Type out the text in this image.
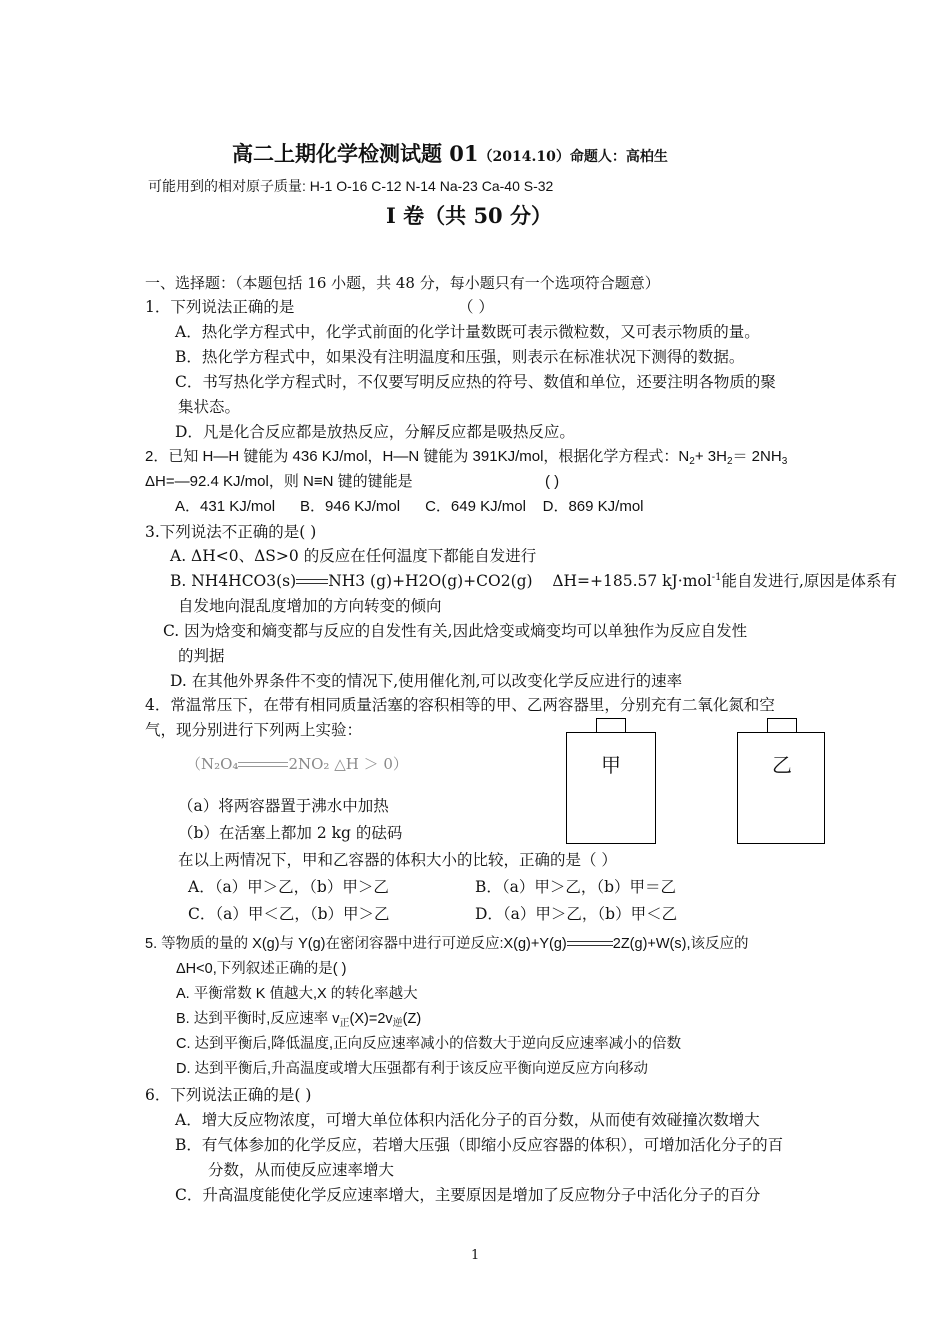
高二上期化学检测试题 01（2014.10）命题人：高柏生
可能用到的相对原子质量: H-1 O-16 C-12 N-14 Na-23 Ca-40 S-32
Ⅰ 卷（共 50 分）
一、选择题：（本题包括 16 小题，共 48 分，每小题只有一个选项符合题意）
1．下列说法正确的是	（ ）
A．热化学方程式中，化学式前面的化学计量数既可表示微粒数，又可表示物质的量。
B．热化学方程式中，如果没有注明温度和压强，则表示在标准状况下测得的数据。
C．书写热化学方程式时，不仅要写明反应热的符号、数值和单位，还要注明各物质的聚
集状态。
D．凡是化合反应都是放热反应，分解反应都是吸热反应。
2．已知 H—H 键能为 436 KJ/mol，H—N 键能为 391KJ/mol，根据化学方程式：$N_2+ 3H_2= 2NH_3$
ΔH=—92.4 KJ/mol，则 N≡N 键的键能是	( )
A．431 KJ/mol      B．946 KJ/mol      C．649 KJ/mol    D．869 KJ/mol
3.下列说法不正确的是( )
A. ΔH<0、ΔS>0 的反应在任何温度下都能自发进行
B. NH4HCO3(s) NH3 (g)+H2O(g)+CO2(g) ΔH=+185.57 kJ·mol$^{-1}$能自发进行,原因是体系有
自发地向混乱度增加的方向转变的倾向
C. 因为焓变和熵变都与反应的自发性有关,因此焓变或熵变均可以单独作为反应自发性
的判据
D. 在其他外界条件不变的情况下,使用催化剂,可以改变化学反应进行的速率
4．常温常压下，在带有相同质量活塞的容积相等的甲、乙两容器里，分别充有二氧化氮和空
气，现分别进行下列两上实验：
（N₂O₄	2NO₂ △H ＞ 0）
（a）将两容器置于沸水中加热
（b）在活塞上都加 2 kg 的砝码
在以上两情况下，甲和乙容器的体积大小的比较，正确的是（ ）
A．（a）甲＞乙，（b）甲＞乙	B．（a）甲＞乙，（b）甲＝乙
C．（a）甲＜乙，（b）甲＞乙	D．（a）甲＞乙，（b）甲＜乙
甲	乙
5. 等物质的量的 X(g)与 Y(g)在密闭容器中进行可逆反应:X(g)+Y(g)	2Z(g)+W(s),该反应的
ΔH<0,下列叙述正确的是( )
A. 平衡常数 K 值越大,X 的转化率越大
B. 达到平衡时,反应速率 $v_正(X)=2v_逆(Z)$
C. 达到平衡后,降低温度,正向反应速率减小的倍数大于逆向反应速率减小的倍数
D. 达到平衡后,升高温度或增大压强都有利于该反应平衡向逆反应方向移动
6．下列说法正确的是( )
A．增大反应物浓度，可增大单位体积内活化分子的百分数，从而使有效碰撞次数增大
B．有气体参加的化学反应，若增大压强（即缩小反应容器的体积），可增加活化分子的百
分数，从而使反应速率增大
C．升高温度能使化学反应速率增大，主要原因是增加了反应物分子中活化分子的百分
1
